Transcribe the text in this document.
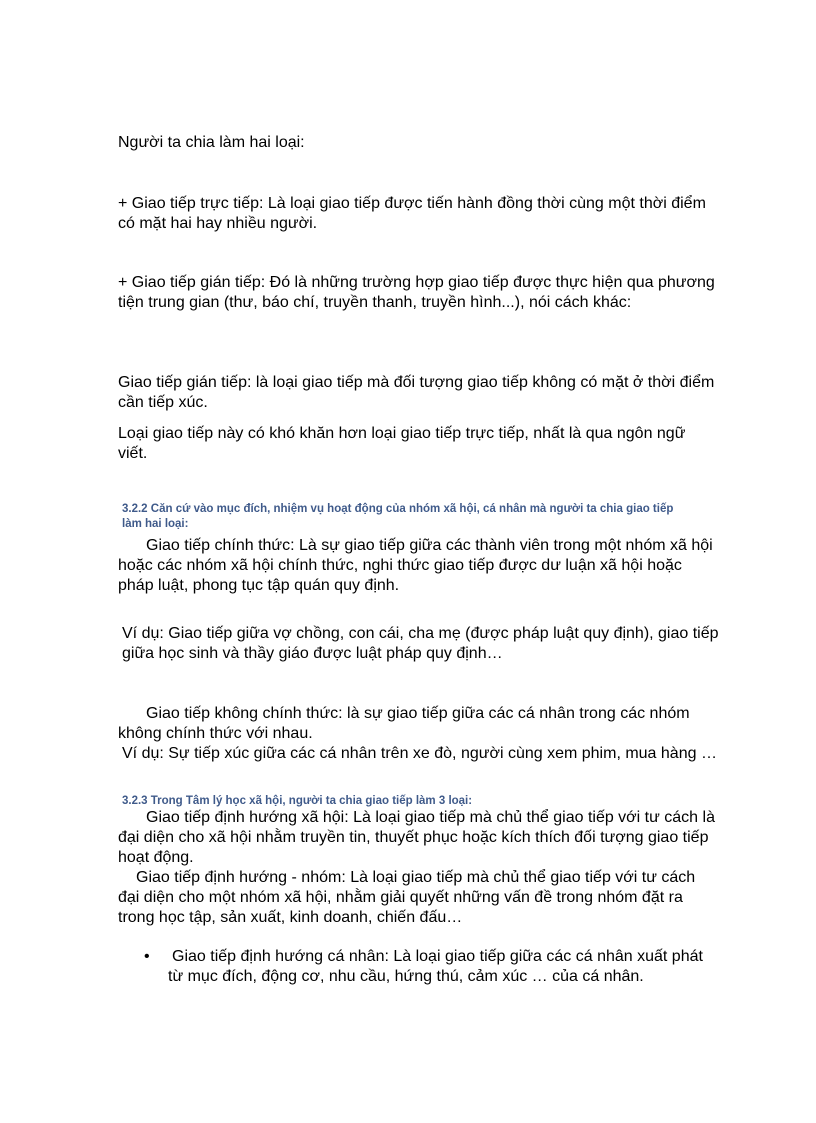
Người ta chia làm hai loại:

+ Giao tiếp trực tiếp: Là loại giao tiếp được tiến hành đồng thời cùng một thời điểm có mặt hai hay nhiều người.

+ Giao tiếp gián tiếp: Đó là những trường hợp giao tiếp được thực hiện qua phương tiện trung gian (thư, báo chí, truyền thanh, truyền hình...), nói cách khác:

Giao tiếp gián tiếp: là loại giao tiếp mà đối tượng giao tiếp không có mặt ở thời điểm cần tiếp xúc.

Loại giao tiếp này có khó khăn hơn loại giao tiếp trực tiếp, nhất là qua ngôn ngữ viết.

3.2.2 Căn cứ vào mục đích, nhiệm vụ hoạt động của nhóm xã hội, cá nhân mà người ta chia giao tiếp làm hai loại:

Giao tiếp chính thức: Là sự giao tiếp giữa các thành viên trong một nhóm xã hội hoặc các nhóm xã hội chính thức, nghi thức giao tiếp được dư luận xã hội hoặc pháp luật, phong tục tập quán quy định.

Ví dụ: Giao tiếp giữa vợ chồng, con cái, cha mẹ (được pháp luật quy định), giao tiếp giữa học sinh và thầy giáo được luật pháp quy định…

Giao tiếp không chính thức: là sự giao tiếp giữa các cá nhân trong các nhóm không chính thức với nhau.

Ví dụ: Sự tiếp xúc giữa các cá nhân trên xe đò, người cùng xem phim, mua hàng …

3.2.3 Trong Tâm lý học xã hội, người ta chia giao tiếp làm 3 loại:

Giao tiếp định hướng xã hội: Là loại giao tiếp mà chủ thể giao tiếp với tư cách là đại diện cho xã hội nhằm truyền tin, thuyết phục hoặc kích thích đối tượng giao tiếp hoạt động.

Giao tiếp định hướng - nhóm: Là loại giao tiếp mà chủ thể giao tiếp với tư cách đại diện cho một nhóm xã hội, nhằm giải quyết những vấn đề trong nhóm đặt ra trong học tập, sản xuất, kinh doanh, chiến đấu…

• Giao tiếp định hướng cá nhân: Là loại giao tiếp giữa các cá nhân xuất phát từ mục đích, động cơ, nhu cầu, hứng thú, cảm xúc … của cá nhân.
